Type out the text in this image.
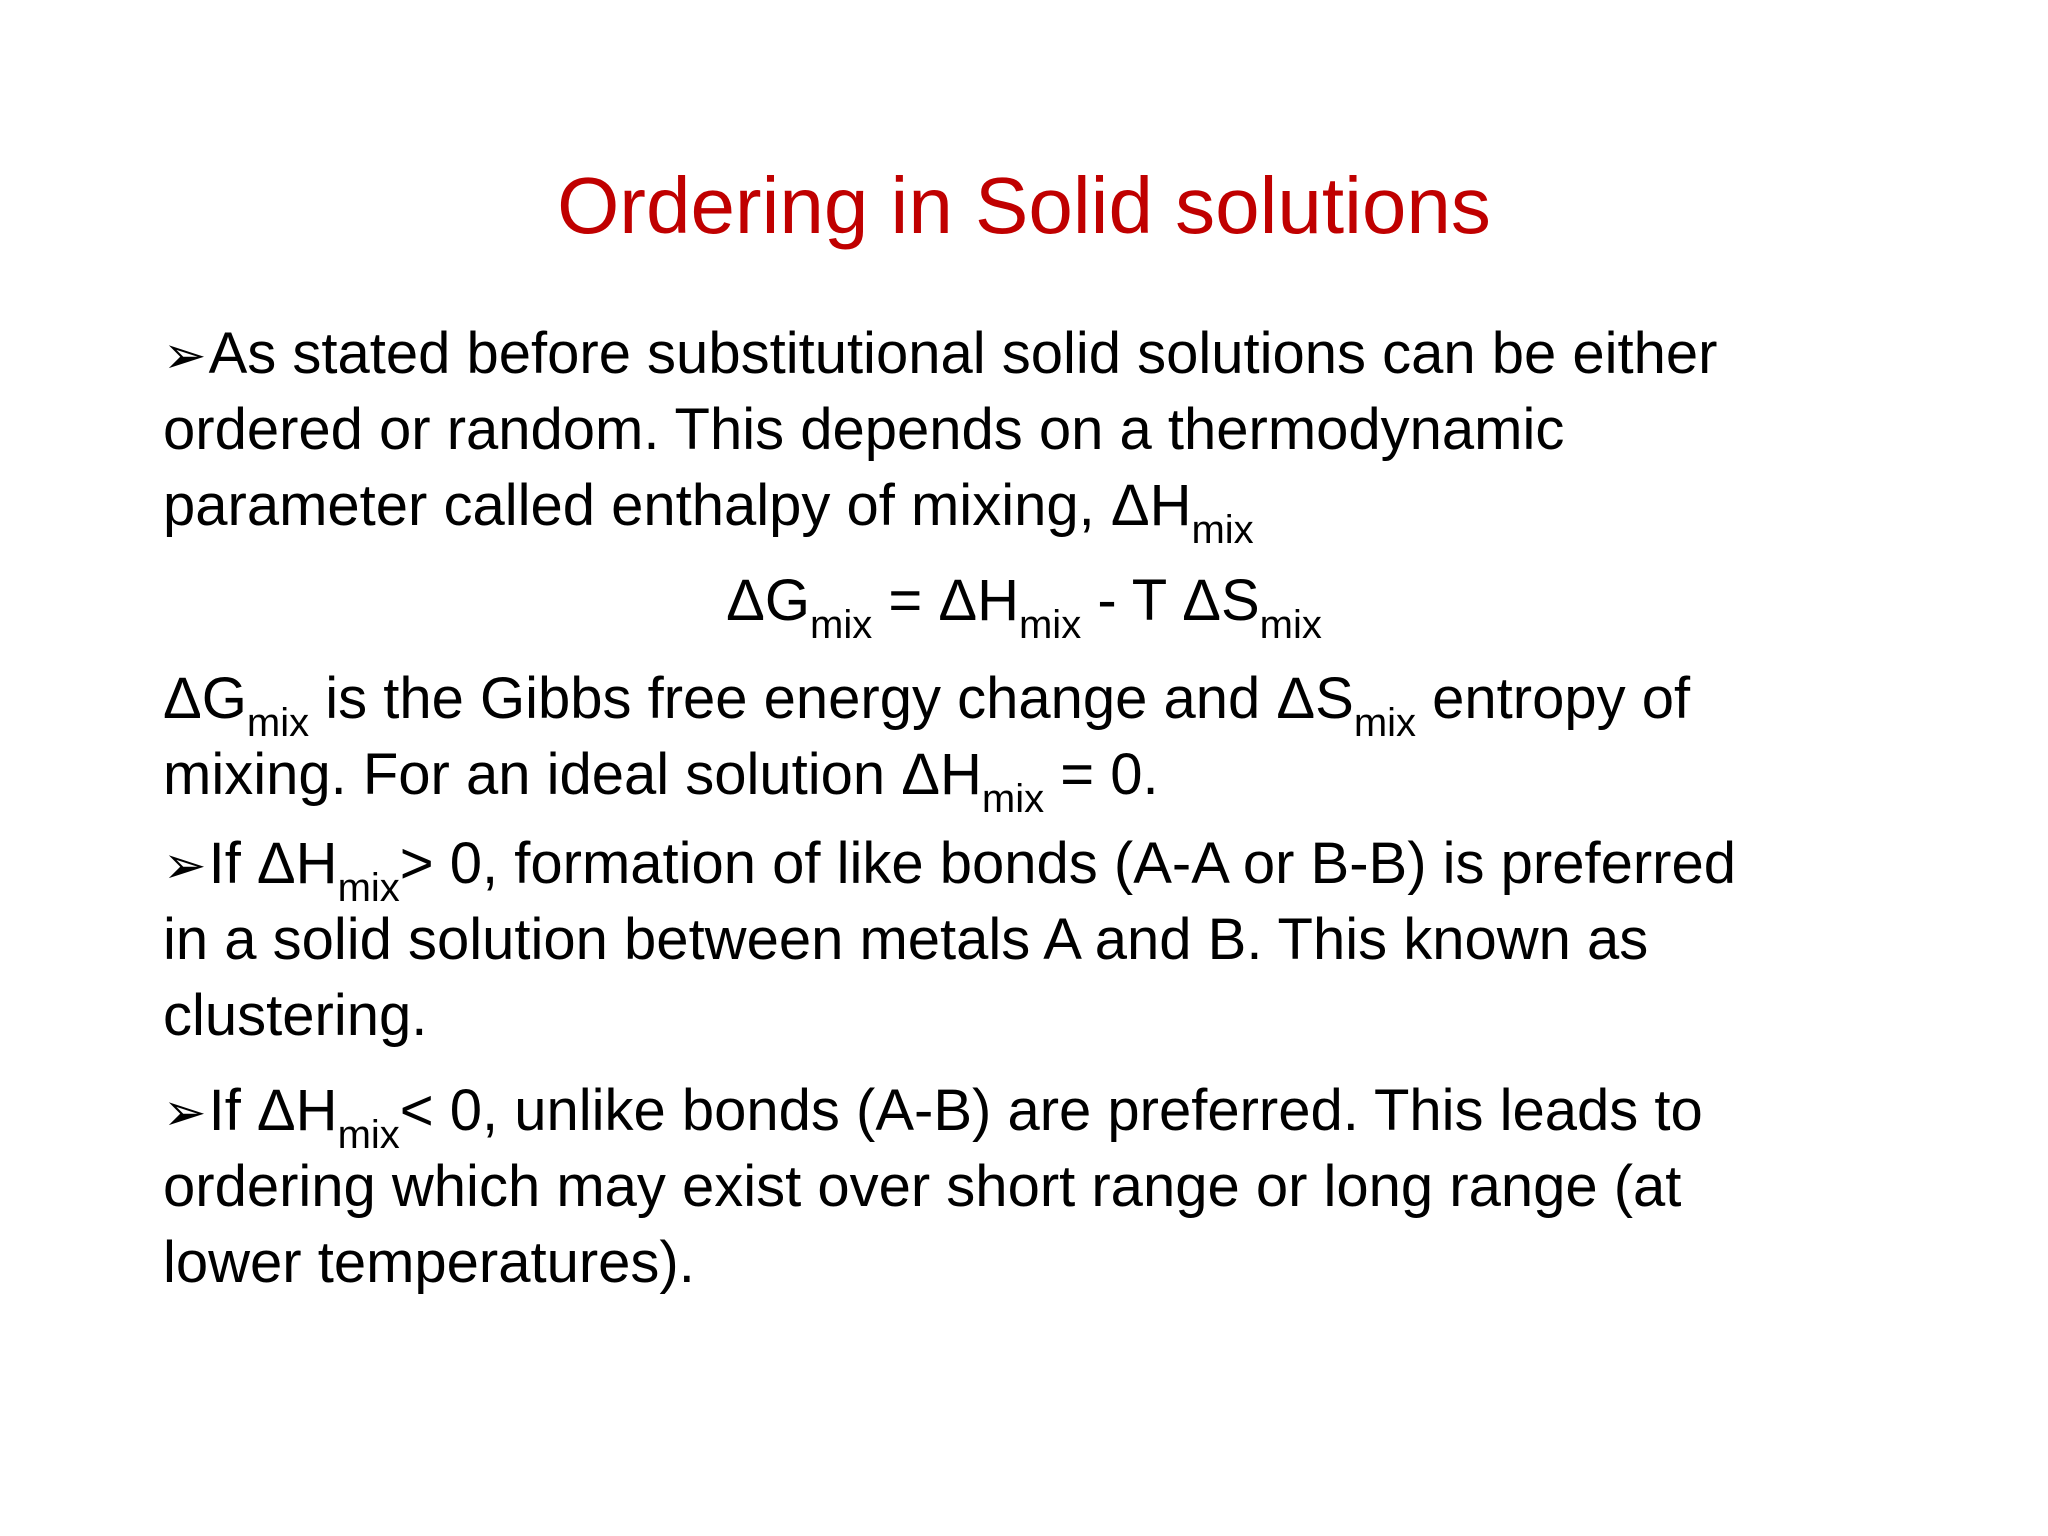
Ordering in Solid solutions
➢As stated before substitutional solid solutions can be either
ordered or random. This depends on a thermodynamic
parameter called enthalpy of mixing, $\Delta H_{mix}$
$\Delta G_{mix} = \Delta H_{mix} - T$ $\Delta S_{mix}$
$\Delta G_{mix}$ is the Gibbs free energy change and $\Delta S_{mix}$ entropy of
mixing. For an ideal solution $\Delta H_{mix} = 0$.
➢If $\Delta H_{mix}> 0$, formation of like bonds (A-A or B-B) is preferred
in a solid solution between metals A and B. This known as
clustering.
➢If $\Delta H_{mix}< 0$, unlike bonds (A-B) are preferred. This leads to
ordering which may exist over short range or long range (at
lower temperatures).
